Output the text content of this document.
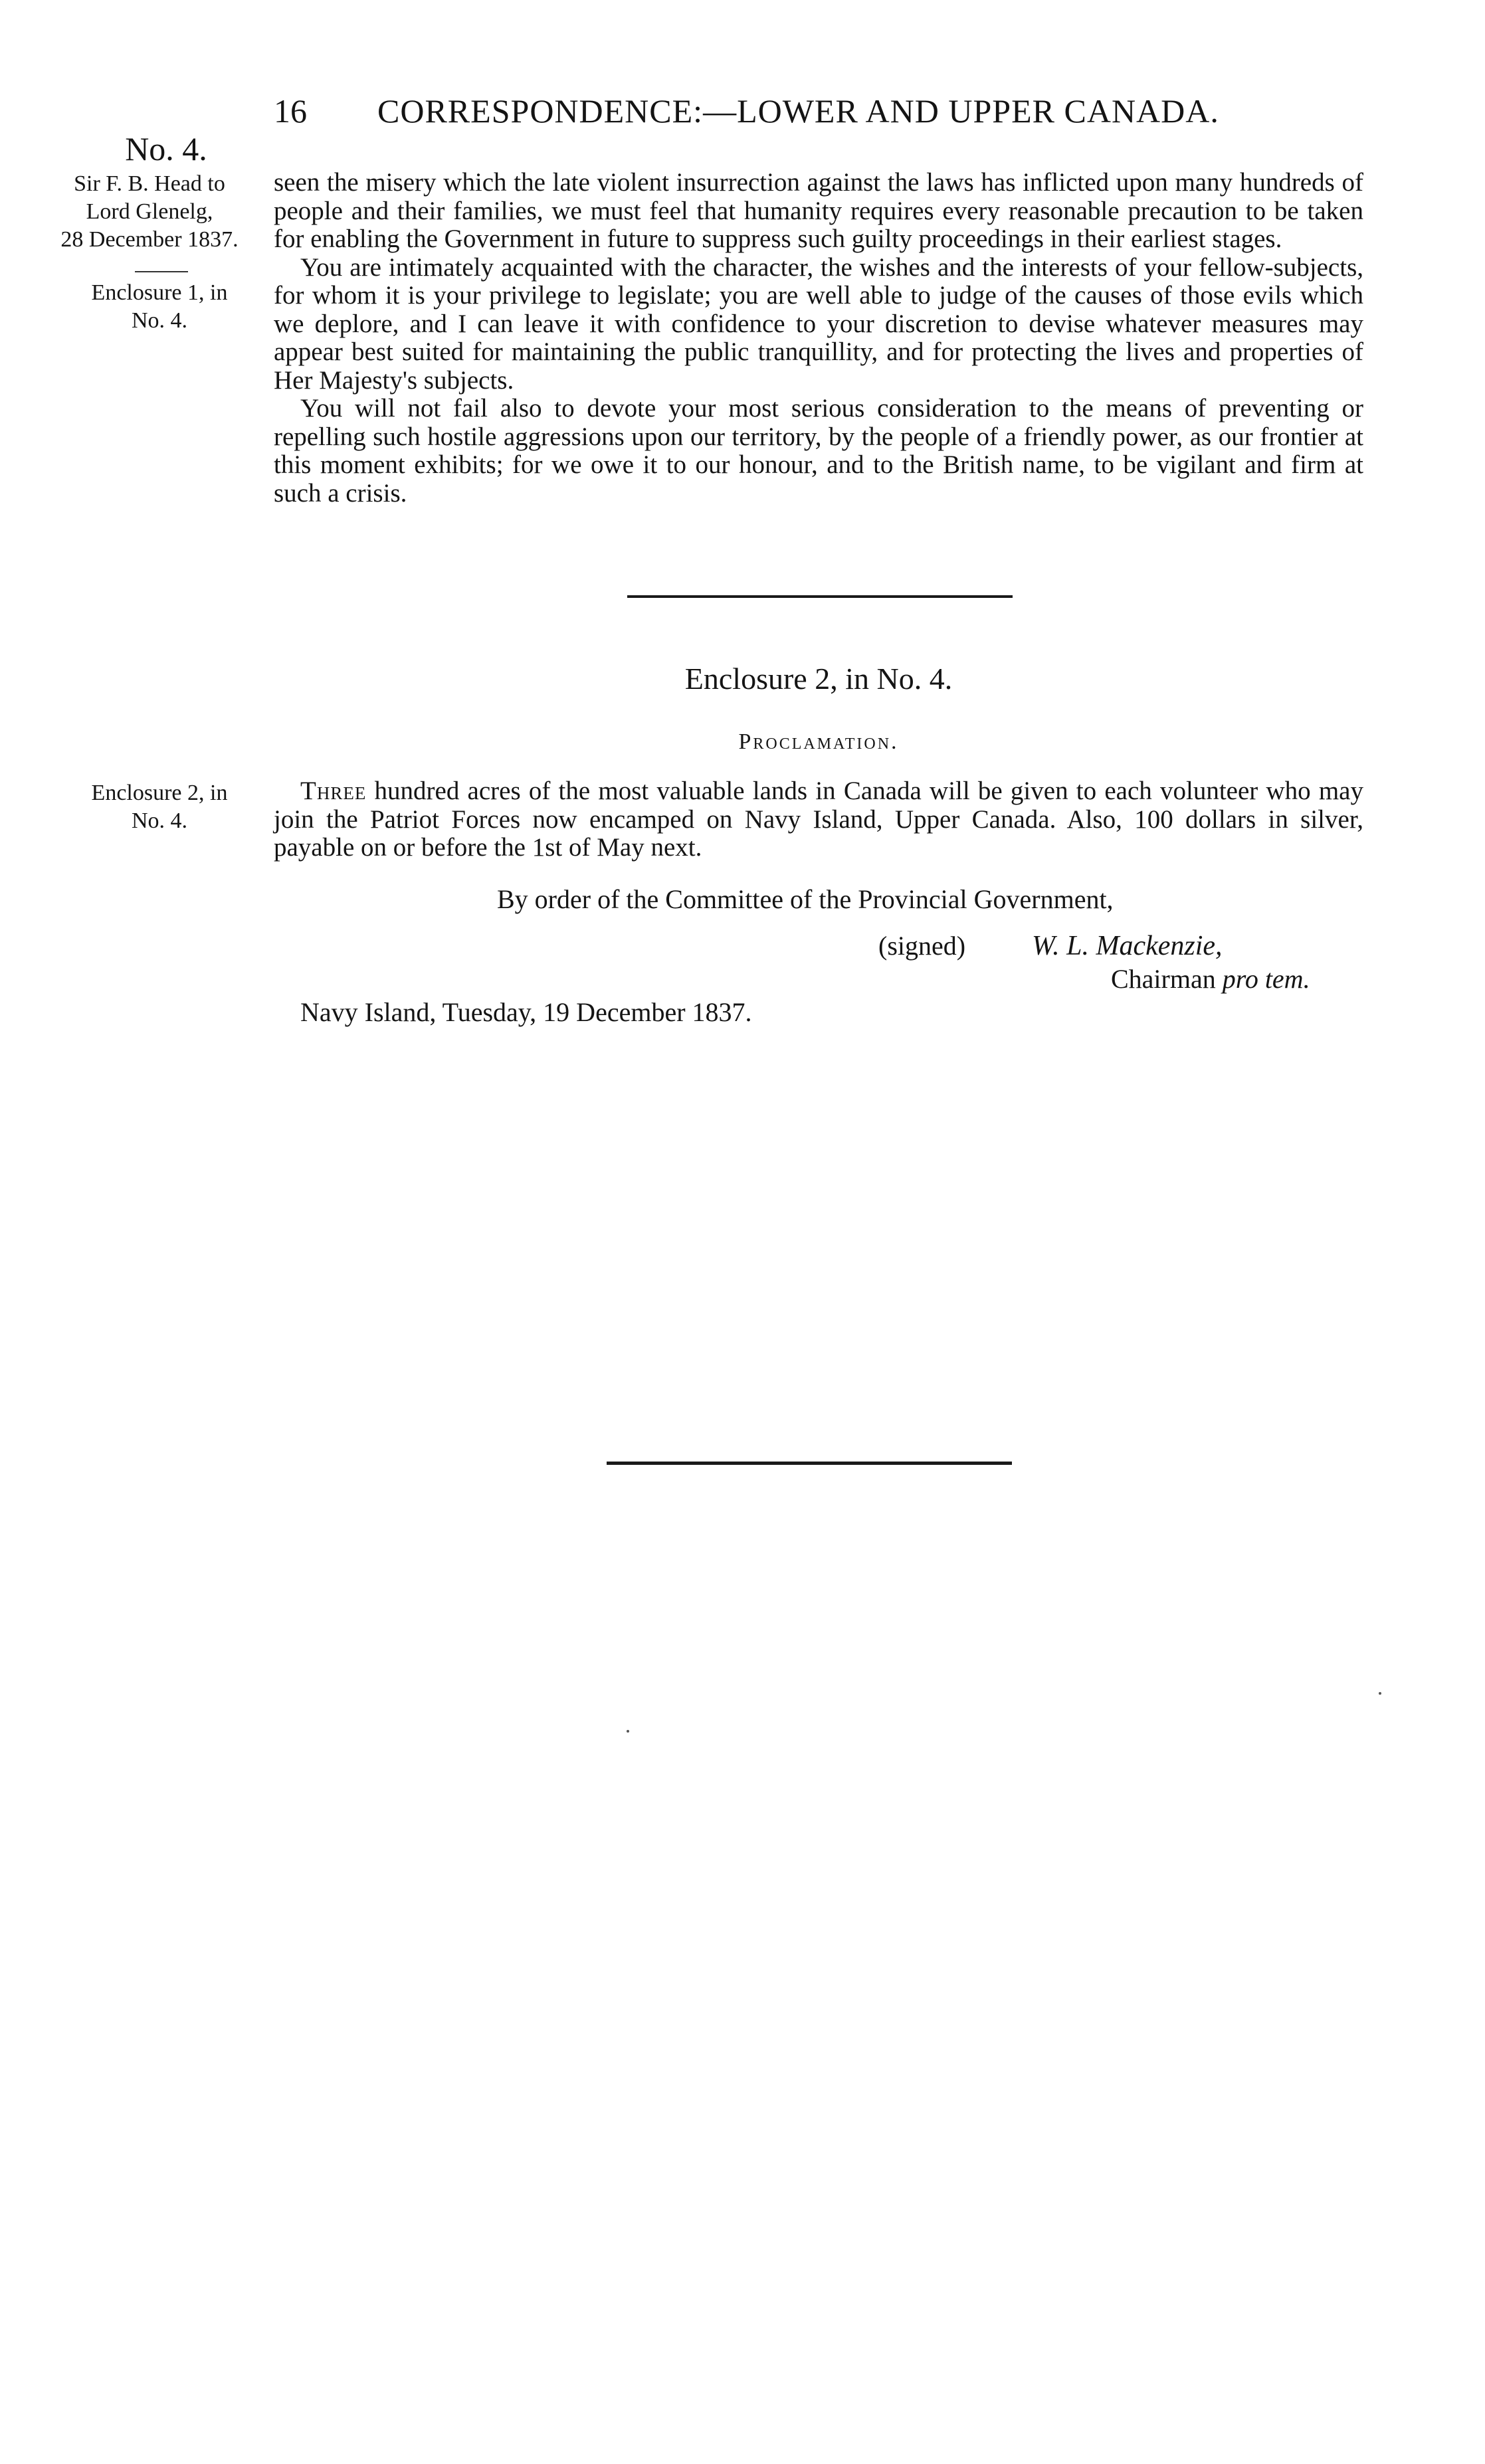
16 CORRESPONDENCE:—LOWER AND UPPER CANADA.
No. 4.
Sir F. B. Head to
Lord Glenelg,
28 December 1837.
Enclosure 1, in
No. 4.
Enclosure 2, in
No. 4.

seen the misery which the late violent insurrection against the laws has inflicted upon many hundreds of people and their families, we must feel that humanity requires every reasonable precaution to be taken for enabling the Government in future to suppress such guilty proceedings in their earliest stages.

You are intimately acquainted with the character, the wishes and the interests of your fellow-subjects, for whom it is your privilege to legislate; you are well able to judge of the causes of those evils which we deplore, and I can leave it with confidence to your discretion to devise whatever measures may appear best suited for maintaining the public tranquillity, and for protecting the lives and properties of Her Majesty's subjects.

You will not fail also to devote your most serious consideration to the means of preventing or repelling such hostile aggressions upon our territory, by the people of a friendly power, as our frontier at this moment exhibits; for we owe it to our honour, and to the British name, to be vigilant and firm at such a crisis.

Enclosure 2, in No. 4.
Proclamation.

Three hundred acres of the most valuable lands in Canada will be given to each volunteer who may join the Patriot Forces now encamped on Navy Island, Upper Canada. Also, 100 dollars in silver, payable on or before the 1st of May next.

By order of the Committee of the Provincial Government,
(signed) W. L. Mackenzie,
Chairman pro tem.
Navy Island, Tuesday, 19 December 1837.
